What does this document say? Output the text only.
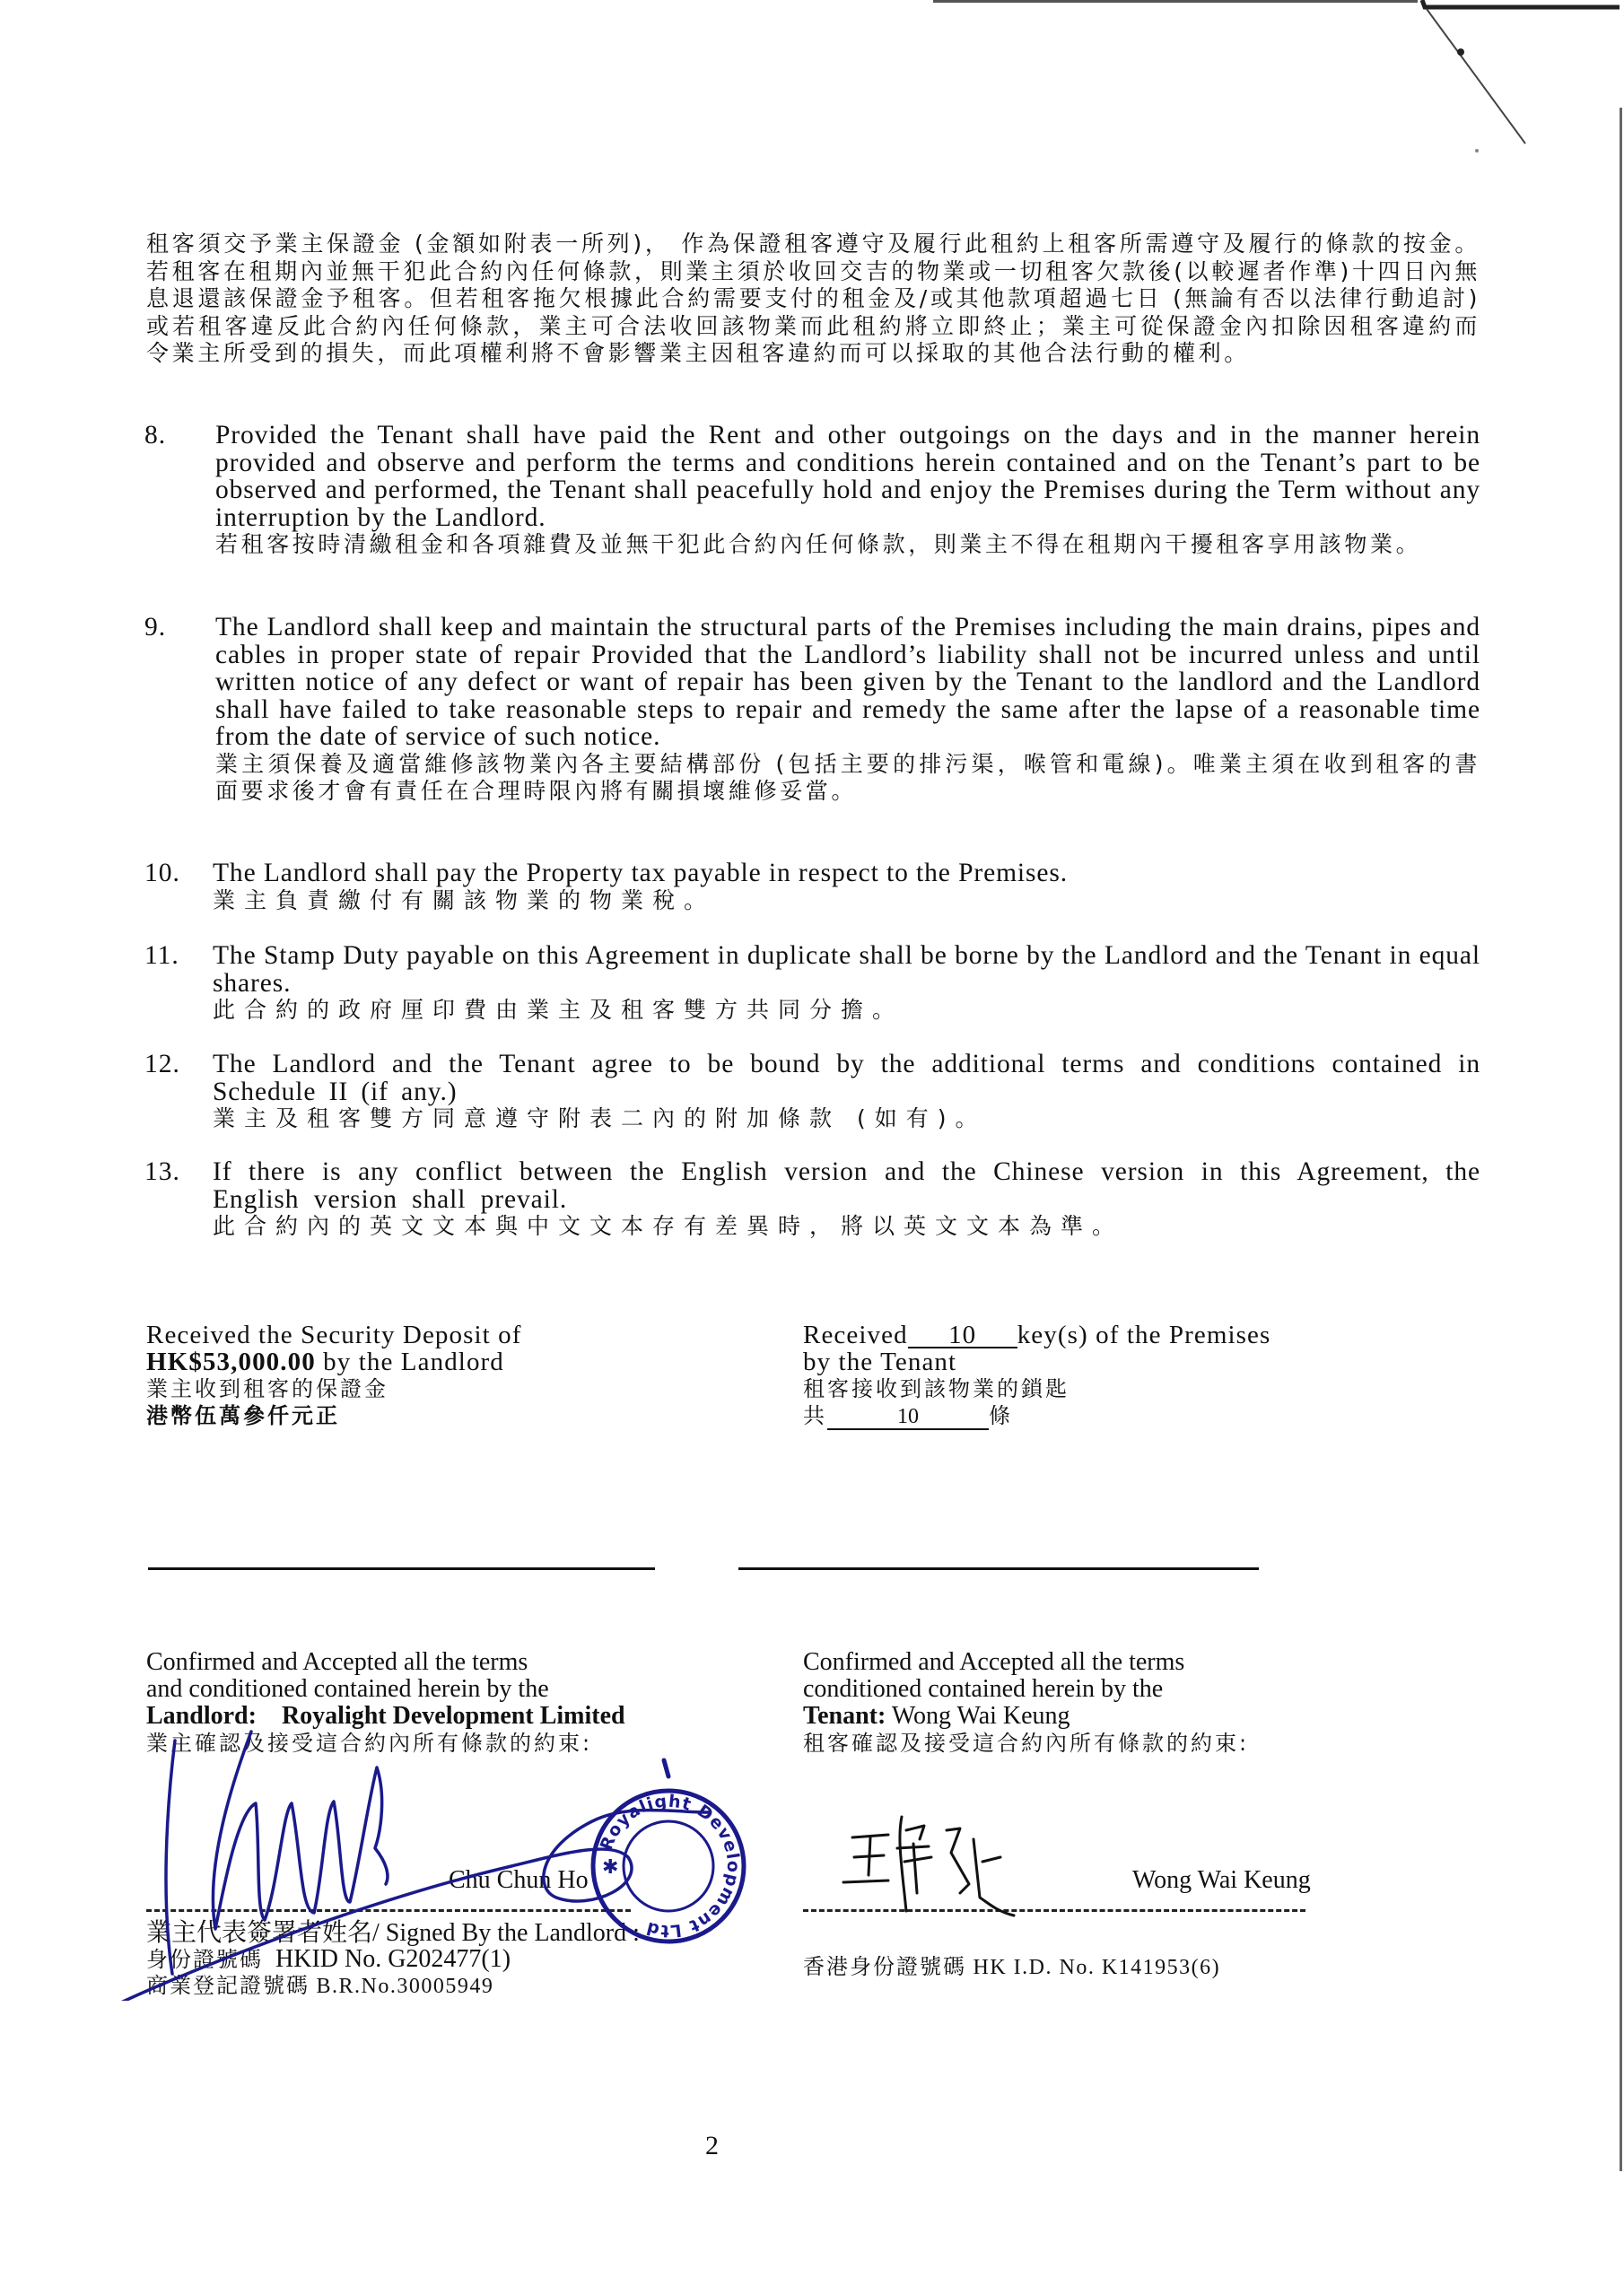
租客須交予業主保證金 (金額如附表一所列)， 作為保證租客遵守及履行此租約上租客所需遵守及履行的條款的按金。若租客在租期內並無干犯此合約內任何條款，則業主須於收回交吉的物業或一切租客欠款後(以較遲者作準)十四日內無息退還該保證金予租客。但若租客拖欠根據此合約需要支付的租金及/或其他款項超過七日 (無論有否以法律行動追討) 或若租客違反此合約內任何條款，業主可合法收回該物業而此租約將立即終止；業主可從保證金內扣除因租客違約而令業主所受到的損失，而此項權利將不會影響業主因租客違約而可以採取的其他合法行動的權利。
8.	Provided the Tenant shall have paid the Rent and other outgoings on the days and in the manner herein provided and observe and perform the terms and conditions herein contained and on the Tenant’s part to be observed and performed, the Tenant shall peacefully hold and enjoy the Premises during the Term without any interruption by the Landlord.
若租客按時清繳租金和各項雜費及並無干犯此合約內任何條款，則業主不得在租期內干擾租客享用該物業。
9.	The Landlord shall keep and maintain the structural parts of the Premises including the main drains, pipes and cables in proper state of repair Provided that the Landlord’s liability shall not be incurred unless and until written notice of any defect or want of repair has been given by the Tenant to the landlord and the Landlord shall have failed to take reasonable steps to repair and remedy the same after the lapse of a reasonable time from the date of service of such notice.
業主須保養及適當維修該物業內各主要結構部份 (包括主要的排污渠，喉管和電線)。唯業主須在收到租客的書面要求後才會有責任在合理時限內將有關損壞維修妥當。
10.	The Landlord shall pay the Property tax payable in respect to the Premises.
業主負責繳付有關該物業的物業稅。
11.	The Stamp Duty payable on this Agreement in duplicate shall be borne by the Landlord and the Tenant in equal shares.
此合約的政府厘印費由業主及租客雙方共同分擔。
12.	The Landlord and the Tenant agree to be bound by the additional terms and conditions contained in Schedule II (if any.)
業主及租客雙方同意遵守附表二內的附加條款 (如有)。
13.	If there is any conflict between the English version and the Chinese version in this Agreement, the English version shall prevail.
此合約內的英文文本與中文文本存有差異時，將以英文文本為準。
Received the Security Deposit of
HK$53,000.00 by the Landlord
業主收到租客的保證金
港幣伍萬參仟元正
Received 10 key(s) of the Premises
by the Tenant
租客接收到該物業的鎖匙
共	10	條
Confirmed and Accepted all the terms
and conditioned contained herein by the
Landlord: Royalight Development Limited
業主確認及接受這合約內所有條款的約束:
Confirmed and Accepted all the terms
conditioned contained herein by the
Tenant: Wong Wai Keung
租客確認及接受這合約內所有條款的約束:
Chu Chun Ho
業主代表簽署者姓名/ Signed By the Landlord :
身份證號碼 HKID No. G202477(1)
商業登記證號碼 B.R.No.30005949
Wong Wai Keung
香港身份證號碼 HK I.D. No. K141953(6)
Royalight Development Ltd
✱
2
